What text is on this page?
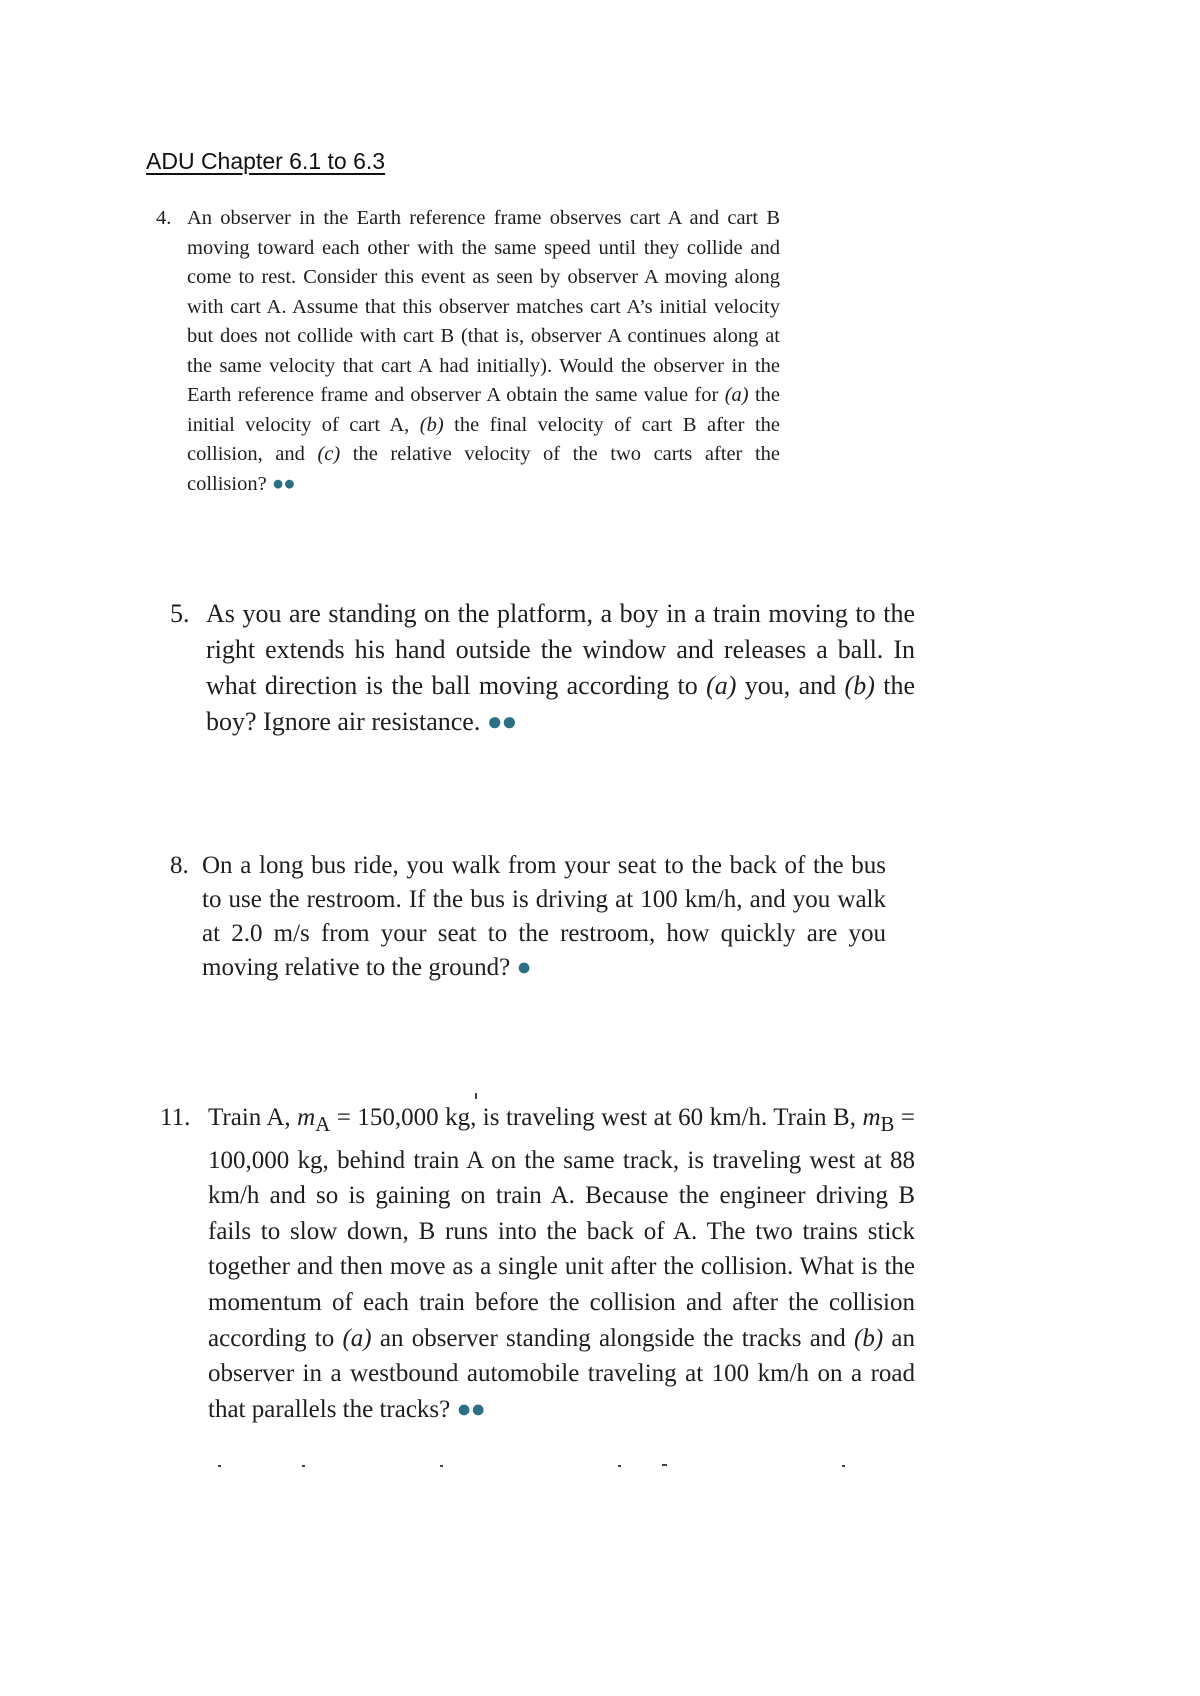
ADU Chapter 6.1 to 6.3
4. An observer in the Earth reference frame observes cart A and cart B moving toward each other with the same speed until they collide and come to rest. Consider this event as seen by observer A moving along with cart A. Assume that this observer matches cart A’s initial velocity but does not collide with cart B (that is, observer A continues along at the same velocity that cart A had initially). Would the observer in the Earth reference frame and observer A obtain the same value for (a) the initial velocity of cart A, (b) the final velocity of cart B after the collision, and (c) the relative velocity of the two carts after the collision? ●●
5. As you are standing on the platform, a boy in a train moving to the right extends his hand outside the window and releases a ball. In what direction is the ball moving according to (a) you, and (b) the boy? Ignore air resistance. ●●
8. On a long bus ride, you walk from your seat to the back of the bus to use the restroom. If the bus is driving at 100 km/h, and you walk at 2.0 m/s from your seat to the restroom, how quickly are you moving relative to the ground? ●
11. Train A, $m_A = 150,000$ kg, is traveling west at 60 km/h. Train B, $m_B = 100,000$ kg, behind train A on the same track, is traveling west at 88 km/h and so is gaining on train A. Because the engineer driving B fails to slow down, B runs into the back of A. The two trains stick together and then move as a single unit after the collision. What is the momentum of each train before the collision and after the collision according to (a) an observer standing alongside the tracks and (b) an observer in a westbound automobile traveling at 100 km/h on a road that parallels the tracks? ●●
